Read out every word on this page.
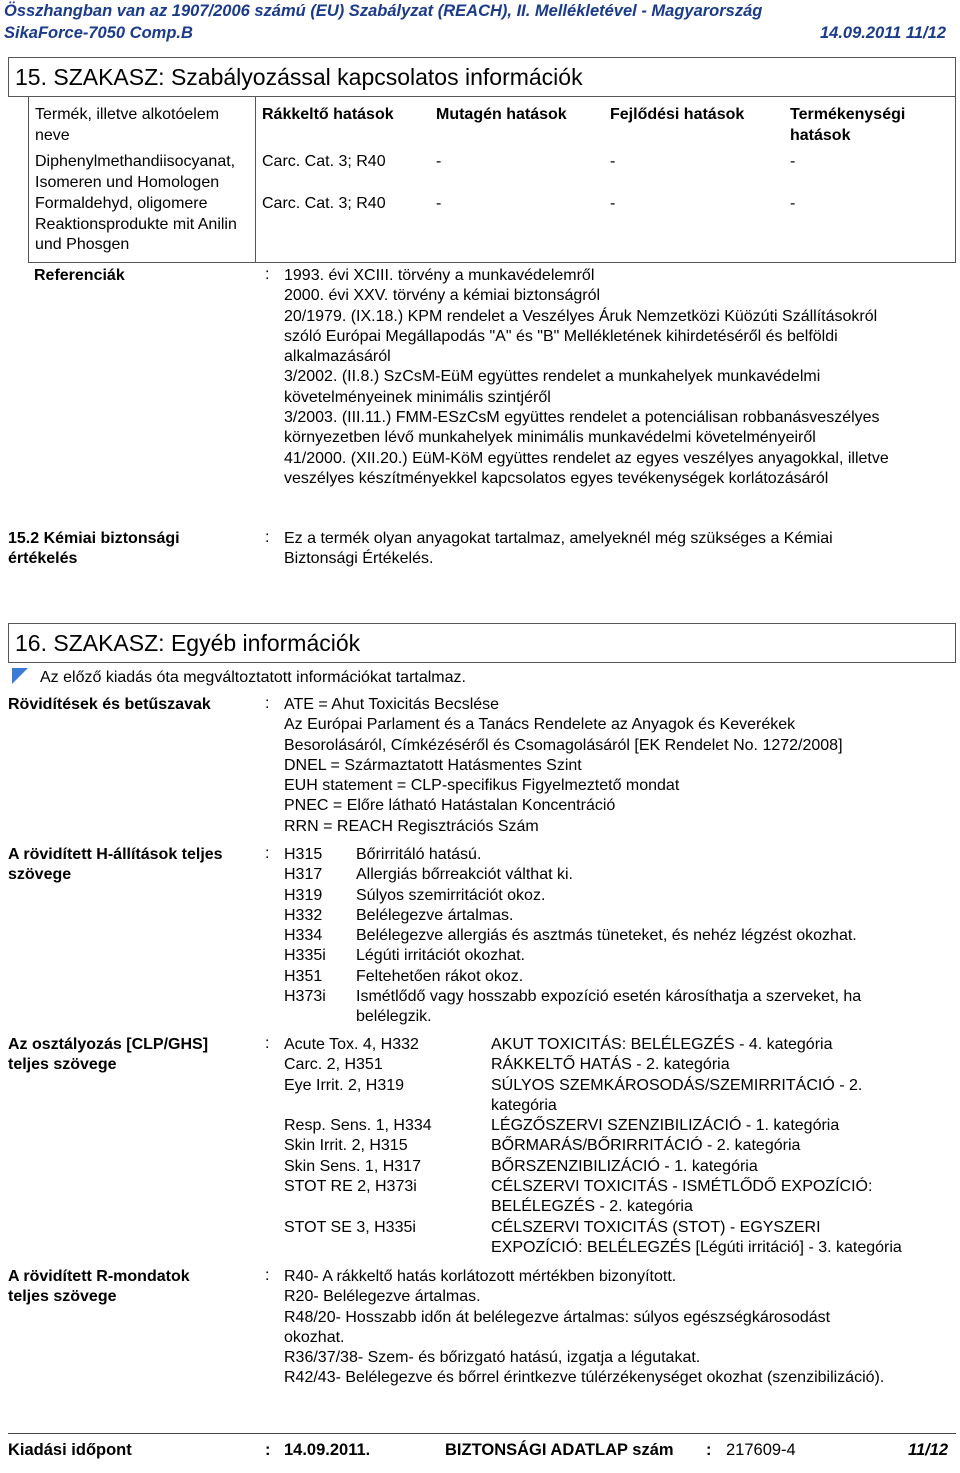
Összhangban van az 1907/2006 számú (EU) Szabályzat (REACH), II. Mellékletével - Magyarország
SikaForce-7050 Comp.B	14.09.2011 11/12
15. SZAKASZ: Szabályozással kapcsolatos információk
Termék, illetve alkotóelem neve	Rákkeltő hatások	Mutagén hatások	Fejlődési hatások	Termékenységi hatások
Diphenylmethandiisocyanat, Isomeren und Homologen	Carc. Cat. 3; R40	-	-	-
Formaldehyd, oligomere Reaktionsprodukte mit Anilin und Phosgen	Carc. Cat. 3; R40	-	-	-
Referenciák	: 1993. évi XCIII. törvény a munkavédelemről
2000. évi XXV. törvény a kémiai biztonságról
20/1979. (IX.18.) KPM rendelet a Veszélyes Áruk Nemzetközi Küözúti Szállításokról
szóló Európai Megállapodás "A" és "B" Mellékletének kihirdetéséről és belföldi
alkalmazásáról
3/2002. (II.8.) SzCsM-EüM együttes rendelet a munkahelyek munkavédelmi
követelményeinek minimális szintjéről
3/2003. (III.11.) FMM-ESzCsM együttes rendelet a potenciálisan robbanásveszélyes
környezetben lévő munkahelyek minimális munkavédelmi követelményeiről
41/2000. (XII.20.) EüM-KöM együttes rendelet az egyes veszélyes anyagokkal, illetve
veszélyes készítményekkel kapcsolatos egyes tevékenységek korlátozásáról
15.2 Kémiai biztonsági
értékelés
: Ez a termék olyan anyagokat tartalmaz, amelyeknél még szükséges a Kémiai
Biztonsági Értékelés.
16. SZAKASZ: Egyéb információk
Az előző kiadás óta megváltoztatott információkat tartalmaz.
Rövidítések és betűszavak	: ATE = Ahut Toxicitás Becslése
Az Európai Parlament és a Tanács Rendelete az Anyagok és Keverékek
Besorolásáról, Címkézéséről és Csomagolásáról [EK Rendelet No. 1272/2008]
DNEL = Származtatott Hatásmentes Szint
EUH statement = CLP-specifikus Figyelmeztető mondat
PNEC = Előre látható Hatástalan Koncentráció
RRN = REACH Regisztrációs Szám
A rövidített H-állítások teljes
szövege
: H315 Bőrirritáló hatású.
H317 Allergiás bőrreakciót válthat ki.
H319 Súlyos szemirritációt okoz.
H332 Belélegezve ártalmas.
H334 Belélegezve allergiás és asztmás tüneteket, és nehéz légzést okozhat.
H335i Légúti irritációt okozhat.
H351 Feltehetően rákot okoz.
H373i Ismétlődő vagy hosszabb expozíció esetén károsíthatja a szerveket, ha
belélegzik.
Az osztályozás [CLP/GHS]
teljes szövege
: Acute Tox. 4, H332	AKUT TOXICITÁS: BELÉLEGZÉS - 4. kategória
Carc. 2, H351	RÁKKELTŐ HATÁS - 2. kategória
Eye Irrit. 2, H319	SÚLYOS SZEMKÁROSODÁS/SZEMIRRITÁCIÓ - 2.
kategória
Resp. Sens. 1, H334	LÉGZŐSZERVI SZENZIBILIZÁCIÓ - 1. kategória
Skin Irrit. 2, H315	BŐRMARÁS/BŐRIRRITÁCIÓ - 2. kategória
Skin Sens. 1, H317	BŐRSZENZIBILIZÁCIÓ - 1. kategória
STOT RE 2, H373i	CÉLSZERVI TOXICITÁS - ISMÉTLŐDŐ EXPOZÍCIÓ:
BELÉLEGZÉS - 2. kategória
STOT SE 3, H335i	CÉLSZERVI TOXICITÁS (STOT) - EGYSZERI
EXPOZÍCIÓ: BELÉLEGZÉS [Légúti irritáció] - 3. kategória
A rövidített R-mondatok
teljes szövege
: R40- A rákkeltő hatás korlátozott mértékben bizonyított.
R20- Belélegezve ártalmas.
R48/20- Hosszabb időn át belélegezve ártalmas: súlyos egészségkárosodást
okozhat.
R36/37/38- Szem- és bőrizgató hatású, izgatja a légutakat.
R42/43- Belélegezve és bőrrel érintkezve túlérzékenységet okozhat (szenzibilizáció).
Kiadási időpont	: 14.09.2011.	BIZTONSÁGI ADATLAP szám : 217609-4	11/12
